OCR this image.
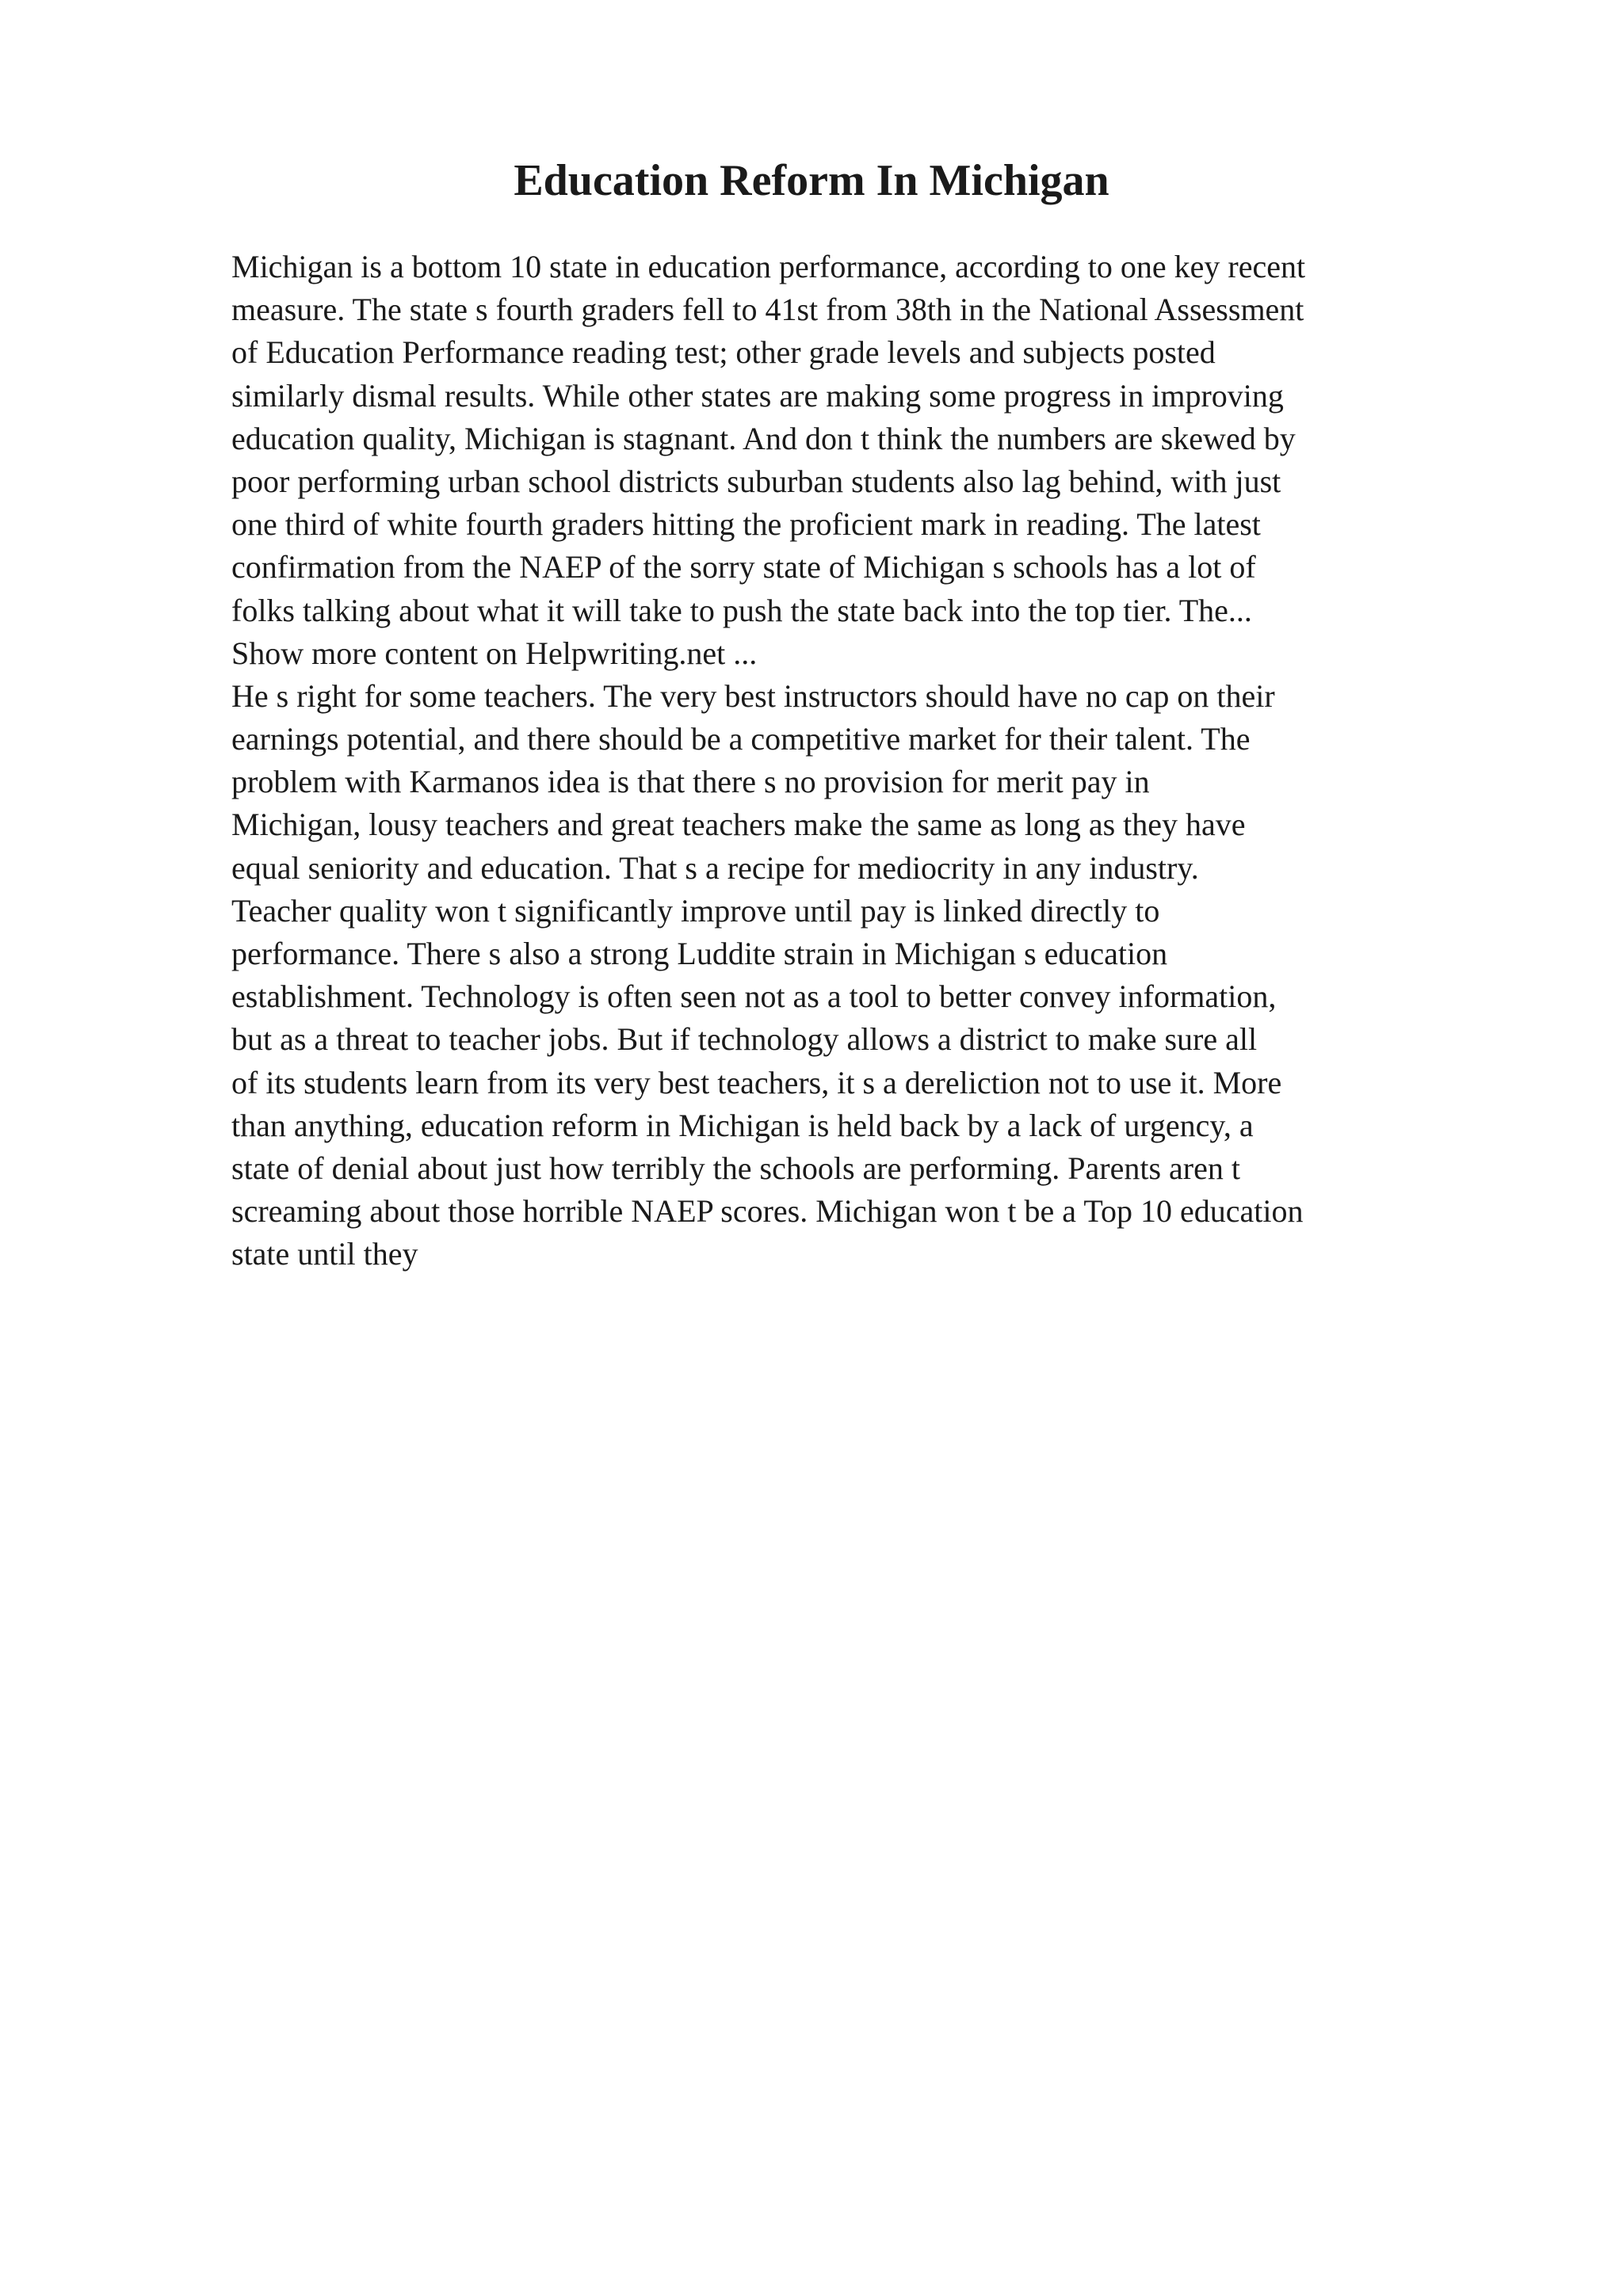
Education Reform In Michigan
Michigan is a bottom 10 state in education performance, according to one key recent
measure. The state s fourth graders fell to 41st from 38th in the National Assessment
of Education Performance reading test; other grade levels and subjects posted
similarly dismal results. While other states are making some progress in improving
education quality, Michigan is stagnant. And don t think the numbers are skewed by
poor performing urban school districts suburban students also lag behind, with just
one third of white fourth graders hitting the proficient mark in reading. The latest
confirmation from the NAEP of the sorry state of Michigan s schools has a lot of
folks talking about what it will take to push the state back into the top tier. The...
Show more content on Helpwriting.net ...
He s right for some teachers. The very best instructors should have no cap on their
earnings potential, and there should be a competitive market for their talent. The
problem with Karmanos idea is that there s no provision for merit pay in
Michigan, lousy teachers and great teachers make the same as long as they have
equal seniority and education. That s a recipe for mediocrity in any industry.
Teacher quality won t significantly improve until pay is linked directly to
performance. There s also a strong Luddite strain in Michigan s education
establishment. Technology is often seen not as a tool to better convey information,
but as a threat to teacher jobs. But if technology allows a district to make sure all
of its students learn from its very best teachers, it s a dereliction not to use it. More
than anything, education reform in Michigan is held back by a lack of urgency, a
state of denial about just how terribly the schools are performing. Parents aren t
screaming about those horrible NAEP scores. Michigan won t be a Top 10 education
state until they
